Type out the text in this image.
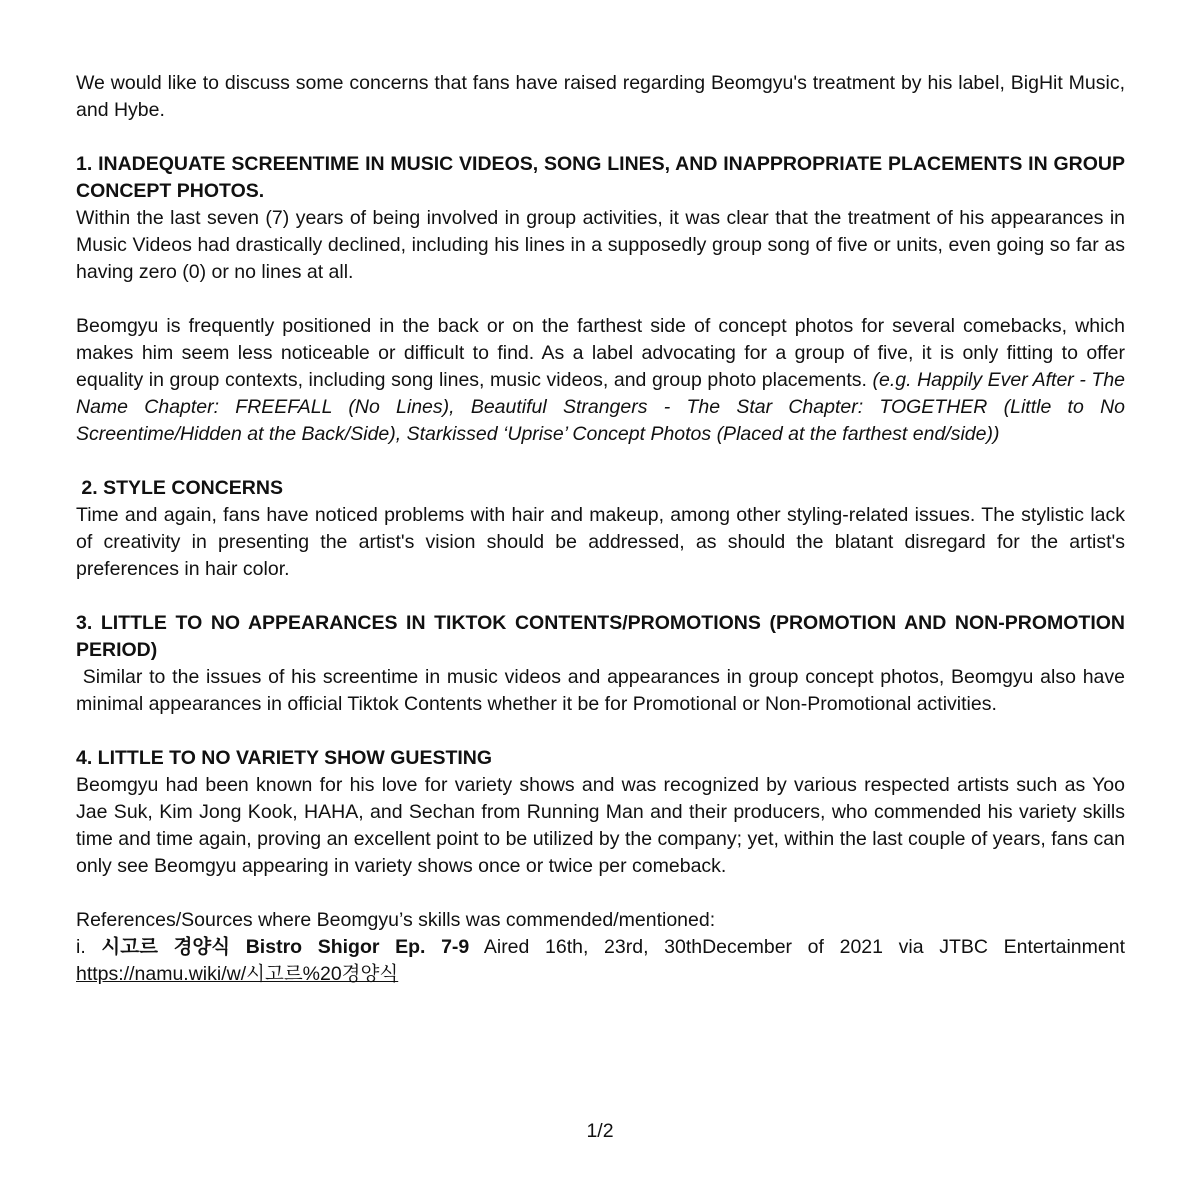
We would like to discuss some concerns that fans have raised regarding Beomgyu's treatment by his label, BigHit Music, and Hybe.

1. INADEQUATE SCREENTIME IN MUSIC VIDEOS, SONG LINES, AND INAPPROPRIATE PLACEMENTS IN GROUP CONCEPT PHOTOS.

Within the last seven (7) years of being involved in group activities, it was clear that the treatment of his appearances in Music Videos had drastically declined, including his lines in a supposedly group song of five or units, even going so far as having zero (0) or no lines at all.

Beomgyu is frequently positioned in the back or on the farthest side of concept photos for several comebacks, which makes him seem less noticeable or difficult to find. As a label advocating for a group of five, it is only fitting to offer equality in group contexts, including song lines, music videos, and group photo placements. (e.g. Happily Ever After - The Name Chapter: FREEFALL (No Lines), Beautiful Strangers - The Star Chapter: TOGETHER (Little to No Screentime/Hidden at the Back/Side), Starkissed ‘Uprise’ Concept Photos (Placed at the farthest end/side))

2. STYLE CONCERNS

Time and again, fans have noticed problems with hair and makeup, among other styling-related issues. The stylistic lack of creativity in presenting the artist's vision should be addressed, as should the blatant disregard for the artist's preferences in hair color.

3. LITTLE TO NO APPEARANCES IN TIKTOK CONTENTS/PROMOTIONS (PROMOTION AND NON-PROMOTION PERIOD)

Similar to the issues of his screentime in music videos and appearances in group concept photos, Beomgyu also have minimal appearances in official Tiktok Contents whether it be for Promotional or Non-Promotional activities.

4. LITTLE TO NO VARIETY SHOW GUESTING

Beomgyu had been known for his love for variety shows and was recognized by various respected artists such as Yoo Jae Suk, Kim Jong Kook, HAHA, and Sechan from Running Man and their producers, who commended his variety skills time and time again, proving an excellent point to be utilized by the company; yet, within the last couple of years, fans can only see Beomgyu appearing in variety shows once or twice per comeback.

References/Sources where Beomgyu’s skills was commended/mentioned:

i. 시고르 경양식 Bistro Shigor Ep. 7-9 Aired 16th, 23rd, 30thDecember of 2021 via JTBC Entertainment https://namu.wiki/w/시고르%20경양식

1/2
